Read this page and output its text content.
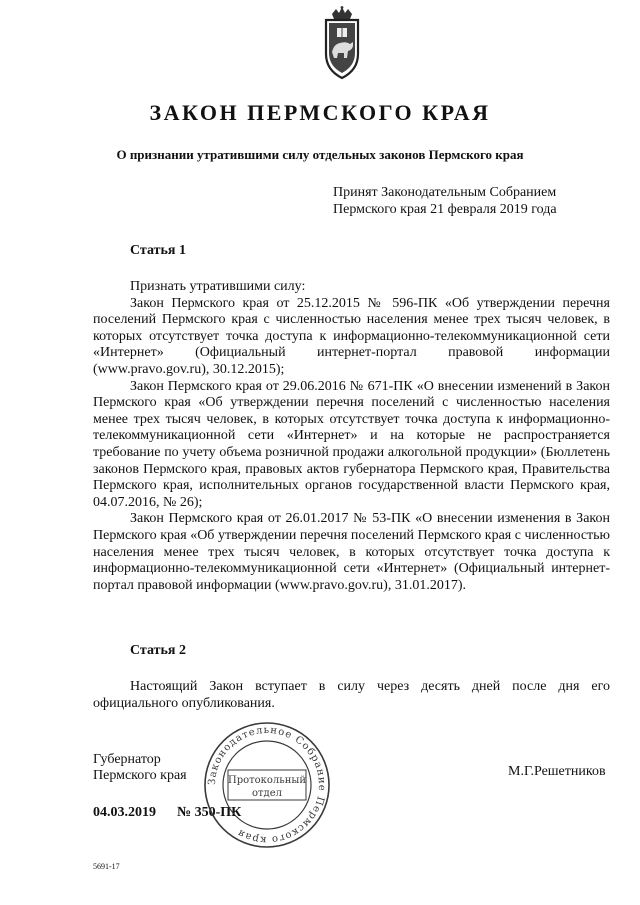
ЗАКОН ПЕРМСКОГО КРАЯ
О признании утратившими силу отдельных законов Пермского края
Принят Законодательным Собранием
Пермского края 21 февраля 2019 года
Статья 1

Признать утратившими силу:

Закон Пермского края от 25.12.2015 № 596-ПК «Об утверждении перечня поселений Пермского края с численностью населения менее трех тысяч человек, в которых отсутствует точка доступа к информационно-телекоммуникационной сети «Интернет» (Официальный интернет-портал правовой информации (www.pravo.gov.ru), 30.12.2015);

Закон Пермского края от 29.06.2016 № 671-ПК «О внесении изменений в Закон Пермского края «Об утверждении перечня поселений с численностью населения менее трех тысяч человек, в которых отсутствует точка доступа к информационно-телекоммуникационной сети «Интернет» и на которые не распространяется требование по учету объема розничной продажи алкогольной продукции» (Бюллетень законов Пермского края, правовых актов губернатора Пермского края, Правительства Пермского края, исполнительных органов государственной власти Пермского края, 04.07.2016, № 26);

Закон Пермского края от 26.01.2017 № 53-ПК «О внесении изменения в Закон Пермского края «Об утверждении перечня поселений Пермского края с численностью населения менее трех тысяч человек, в которых отсутствует точка доступа к информационно-телекоммуникационной сети «Интернет» (Официальный интернет-портал правовой информации (www.pravo.gov.ru), 31.01.2017).

Статья 2

Настоящий Закон вступает в силу через десять дней после дня его официального опубликования.

Губернатор
Пермского края	М.Г.Решетников
04.03.2019 № 350-ПК
5691-17
Законодательное Собрание Пермского края
Протокольный
отдел
